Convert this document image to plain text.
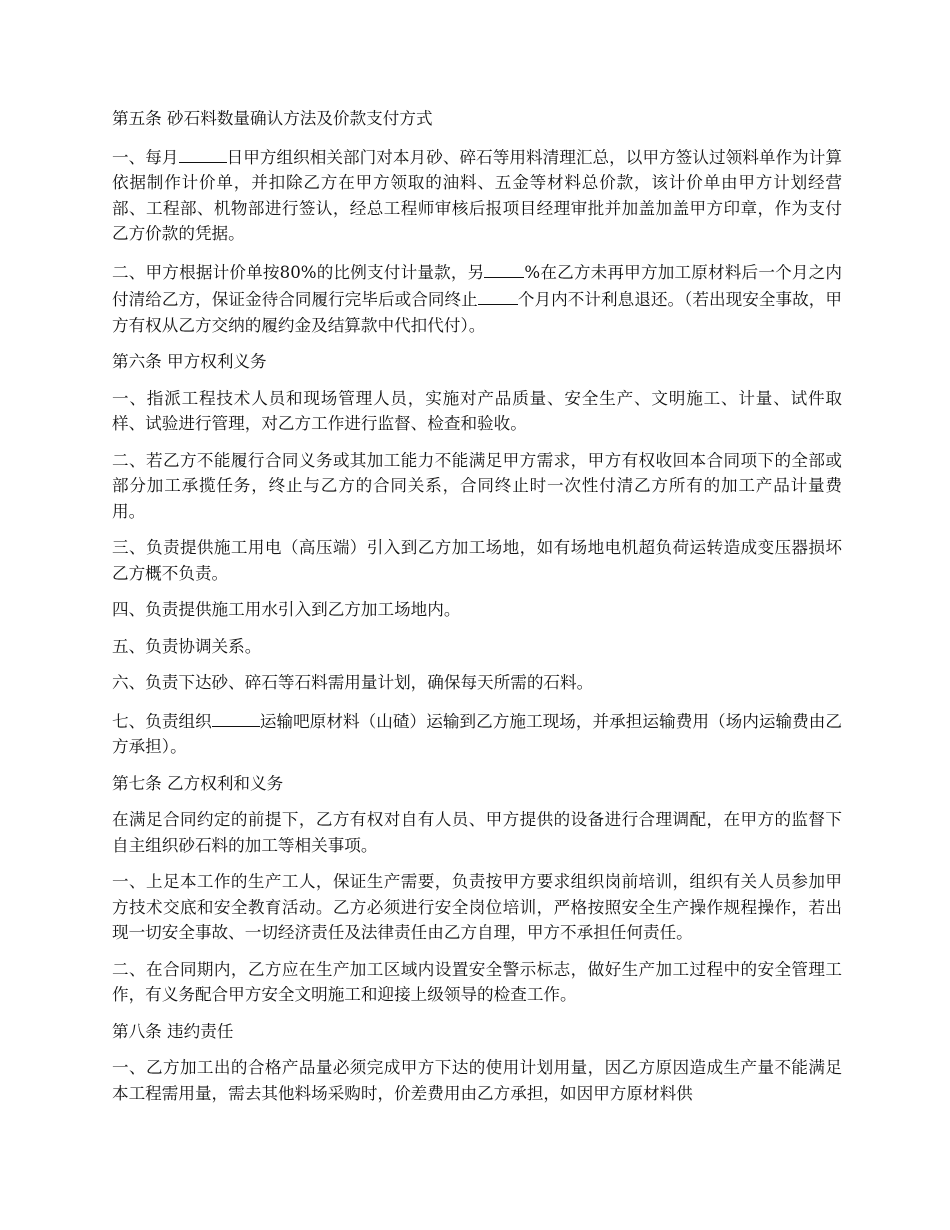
第五条 砂石料数量确认方法及价款支付方式

一、每月	日甲方组织相关部门对本月砂、碎石等用料清理汇总，以甲方签认过领料单作为计算依据制作计价单，并扣除乙方在甲方领取的油料、五金等材料总价款，该计价单由甲方计划经营部、工程部、机物部进行签认，经总工程师审核后报项目经理审批并加盖加盖甲方印章，作为支付乙方价款的凭据。

二、甲方根据计价单按80%的比例支付计量款，另 %在乙方未再甲方加工原材料后一个月之内付清给乙方，保证金待合同履行完毕后或合同终止 个月内不计利息退还。（若出现安全事故，甲方有权从乙方交纳的履约金及结算款中代扣代付）。

第六条 甲方权利义务

一、指派工程技术人员和现场管理人员，实施对产品质量、安全生产、文明施工、计量、试件取样、试验进行管理，对乙方工作进行监督、检查和验收。

二、若乙方不能履行合同义务或其加工能力不能满足甲方需求，甲方有权收回本合同项下的全部或部分加工承揽任务，终止与乙方的合同关系，合同终止时一次性付清乙方所有的加工产品计量费用。

三、负责提供施工用电（高压端）引入到乙方加工场地，如有场地电机超负荷运转造成变压器损坏乙方概不负责。

四、负责提供施工用水引入到乙方加工场地内。

五、负责协调关系。

六、负责下达砂、碎石等石料需用量计划，确保每天所需的石料。

七、负责组织	运输吧原材料（山碴）运输到乙方施工现场，并承担运输费用（场内运输费由乙方承担）。

第七条 乙方权利和义务

在满足合同约定的前提下，乙方有权对自有人员、甲方提供的设备进行合理调配，在甲方的监督下自主组织砂石料的加工等相关事项。

一、上足本工作的生产工人，保证生产需要，负责按甲方要求组织岗前培训，组织有关人员参加甲方技术交底和安全教育活动。乙方必须进行安全岗位培训，严格按照安全生产操作规程操作，若出现一切安全事故、一切经济责任及法律责任由乙方自理，甲方不承担任何责任。

二、在合同期内，乙方应在生产加工区域内设置安全警示标志，做好生产加工过程中的安全管理工作，有义务配合甲方安全文明施工和迎接上级领导的检查工作。

第八条 违约责任

一、乙方加工出的合格产品量必须完成甲方下达的使用计划用量，因乙方原因造成生产量不能满足本工程需用量，需去其他料场采购时，价差费用由乙方承担，如因甲方原材料供
